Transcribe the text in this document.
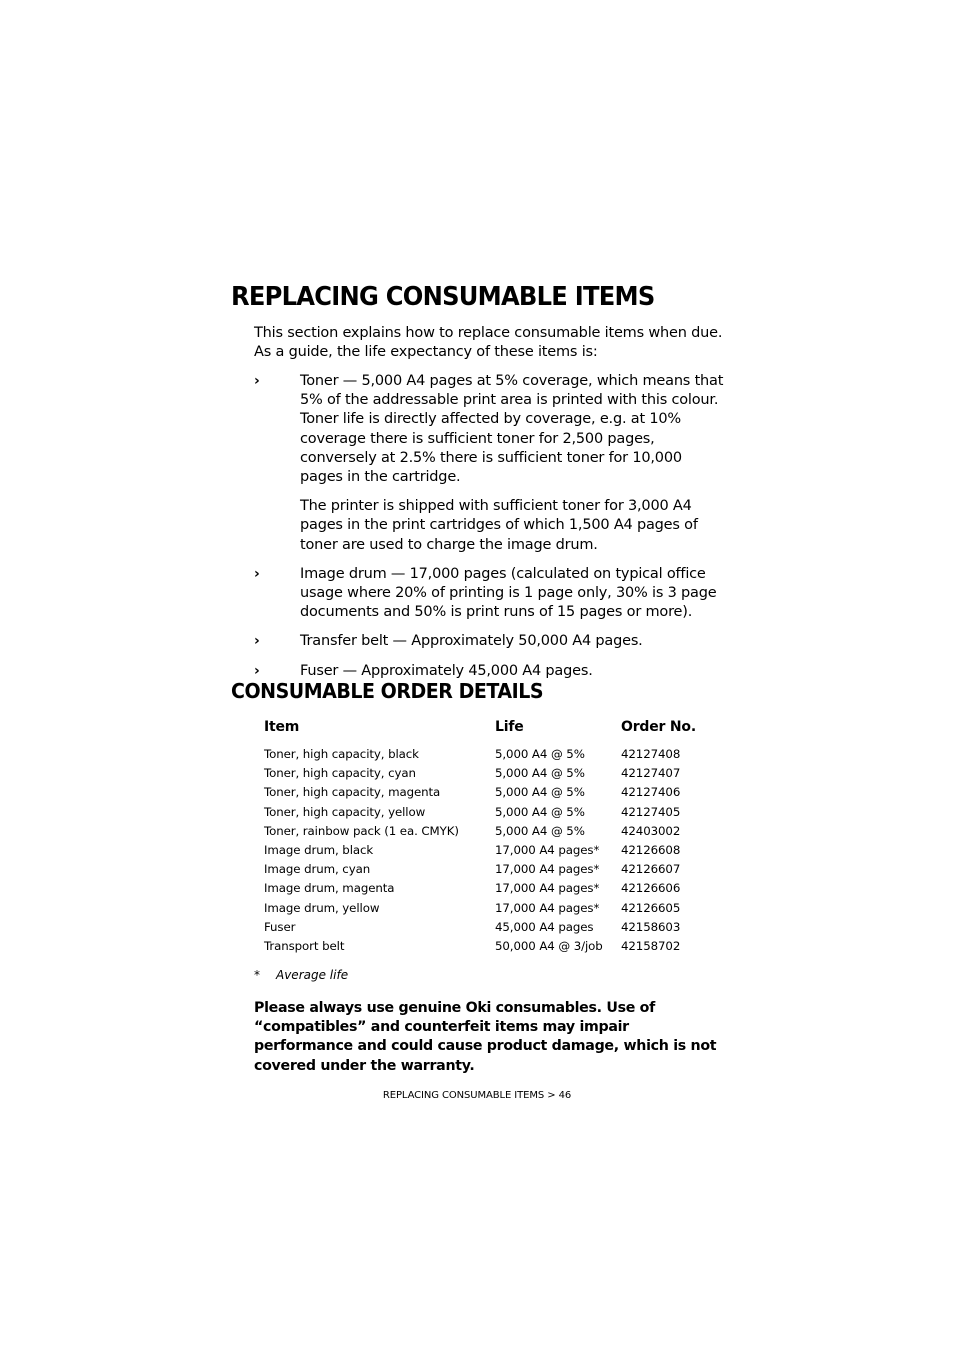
REPLACING CONSUMABLE ITEMS

This section explains how to replace consumable items when due. As a guide, the life expectancy of these items is:

›	Toner — 5,000 A4 pages at 5% coverage, which means that 5% of the addressable print area is printed with this colour. Toner life is directly affected by coverage, e.g. at 10% coverage there is sufficient toner for 2,500 pages, conversely at 2.5% there is sufficient toner for 10,000 pages in the cartridge.

The printer is shipped with sufficient toner for 3,000 A4 pages in the print cartridges of which 1,500 A4 pages of toner are used to charge the image drum.

›	Image drum — 17,000 pages (calculated on typical office usage where 20% of printing is 1 page only, 30% is 3 page documents and 50% is print runs of 15 pages or more).

›	Transfer belt — Approximately 50,000 A4 pages.

›	Fuser — Approximately 45,000 A4 pages.

CONSUMABLE ORDER DETAILS
Item	Life	Order No.
Toner, high capacity, black	5,000 A4 @ 5%	42127408
Toner, high capacity, cyan	5,000 A4 @ 5%	42127407
Toner, high capacity, magenta	5,000 A4 @ 5%	42127406
Toner, high capacity, yellow	5,000 A4 @ 5%	42127405
Toner, rainbow pack (1 ea. CMYK)	5,000 A4 @ 5%	42403002
Image drum, black	17,000 A4 pages*	42126608
Image drum, cyan	17,000 A4 pages*	42126607
Image drum, magenta	17,000 A4 pages*	42126606
Image drum, yellow	17,000 A4 pages*	42126605
Fuser	45,000 A4 pages	42158603
Transport belt	50,000 A4 @ 3/job	42158702
* Average life

Please always use genuine Oki consumables. Use of “compatibles” and counterfeit items may impair performance and could cause product damage, which is not covered under the warranty.

REPLACING CONSUMABLE ITEMS > 46
